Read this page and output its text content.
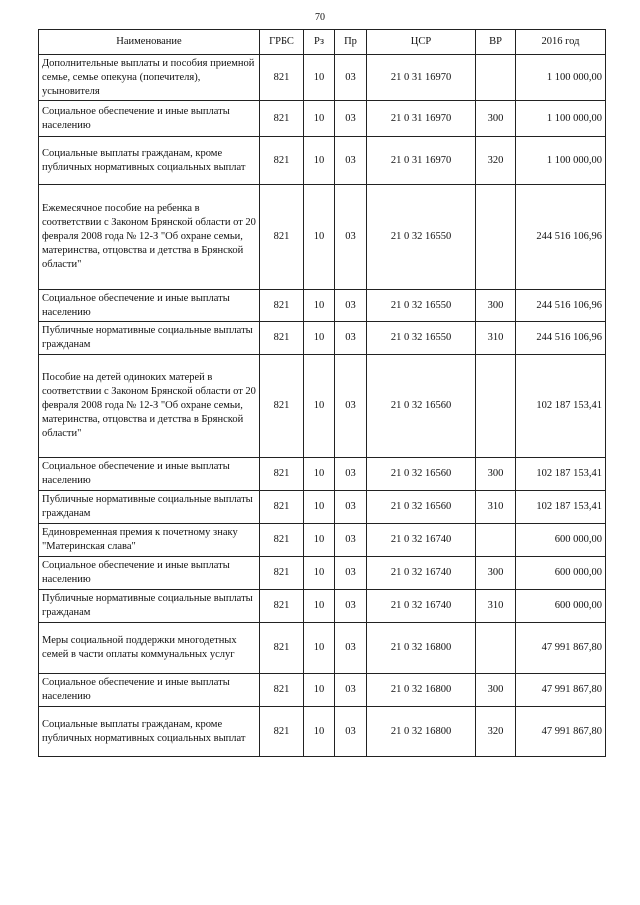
70
Наименование	ГРБС	Рз	Пр	ЦСР	ВР	2016 год
Дополнительные выплаты и пособия приемной семье, семье опекуна (попечителя), усыновителя	821	10	03	21 0 31 16970		1 100 000,00
Социальное обеспечение и иные выплаты населению	821	10	03	21 0 31 16970	300	1 100 000,00
Социальные выплаты гражданам, кроме публичных нормативных социальных выплат	821	10	03	21 0 31 16970	320	1 100 000,00
Ежемесячное пособие на ребенка в соответствии с Законом Брянской области от 20 февраля 2008 года № 12-З "Об охране семьи, материнства, отцовства и детства в Брянской области"	821	10	03	21 0 32 16550		244 516 106,96
Социальное обеспечение и иные выплаты населению	821	10	03	21 0 32 16550	300	244 516 106,96
Публичные нормативные социальные выплаты гражданам	821	10	03	21 0 32 16550	310	244 516 106,96
Пособие на детей одиноких матерей в соответствии с Законом Брянской области от 20 февраля 2008 года № 12-З "Об охране семьи, материнства, отцовства и детства в Брянской области"	821	10	03	21 0 32 16560		102 187 153,41
Социальное обеспечение и иные выплаты населению	821	10	03	21 0 32 16560	300	102 187 153,41
Публичные нормативные социальные выплаты гражданам	821	10	03	21 0 32 16560	310	102 187 153,41
Единовременная премия к почетному знаку "Материнская слава"	821	10	03	21 0 32 16740		600 000,00
Социальное обеспечение и иные выплаты населению	821	10	03	21 0 32 16740	300	600 000,00
Публичные нормативные социальные выплаты гражданам	821	10	03	21 0 32 16740	310	600 000,00
Меры социальной поддержки многодетных семей в части оплаты коммунальных услуг	821	10	03	21 0 32 16800		47 991 867,80
Социальное обеспечение и иные выплаты населению	821	10	03	21 0 32 16800	300	47 991 867,80
Социальные выплаты гражданам, кроме публичных нормативных социальных выплат	821	10	03	21 0 32 16800	320	47 991 867,80
